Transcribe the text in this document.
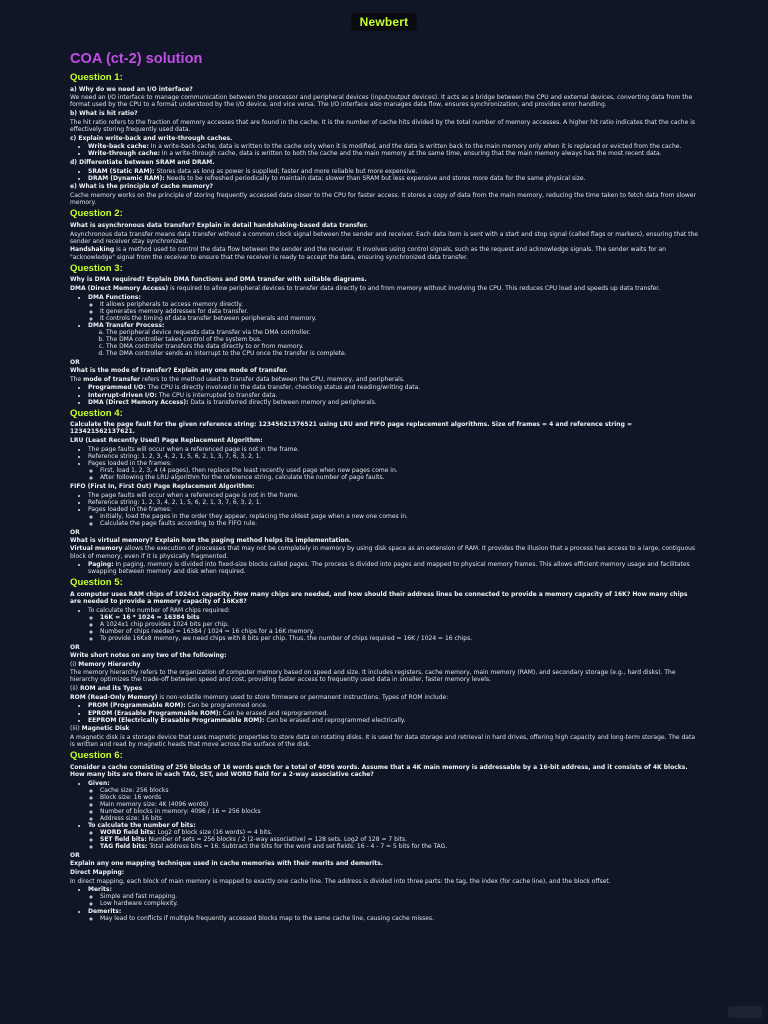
Newbert
COA (ct-2) solution
Question 1:

a) Why do we need an I/O interface?

We need an I/O interface to manage communication between the processor and peripheral devices (input/output devices). It acts as a bridge between the CPU and external devices, converting data from the format used by the CPU to a format understood by the I/O device, and vice versa. The I/O interface also manages data flow, ensures synchronization, and provides error handling.

b) What is hit ratio?

The hit ratio refers to the fraction of memory accesses that are found in the cache. It is the number of cache hits divided by the total number of memory accesses. A higher hit ratio indicates that the cache is effectively storing frequently used data.

c) Explain write-back and write-through caches.

• Write-back cache: In a write-back cache, data is written to the cache only when it is modified, and the data is written back to the main memory only when it is replaced or evicted from the cache.
• Write-through cache: In a write-through cache, data is written to both the cache and the main memory at the same time, ensuring that the main memory always has the most recent data.

d) Differentiate between SRAM and DRAM.

• SRAM (Static RAM): Stores data as long as power is supplied; faster and more reliable but more expensive.
• DRAM (Dynamic RAM): Needs to be refreshed periodically to maintain data; slower than SRAM but less expensive and stores more data for the same physical size.

e) What is the principle of cache memory?

Cache memory works on the principle of storing frequently accessed data closer to the CPU for faster access. It stores a copy of data from the main memory, reducing the time taken to fetch data from slower memory.

Question 2:

What is asynchronous data transfer? Explain in detail handshaking-based data transfer.

Asynchronous data transfer means data transfer without a common clock signal between the sender and receiver. Each data item is sent with a start and stop signal (called flags or markers), ensuring that the sender and receiver stay synchronized.

Handshaking is a method used to control the data flow between the sender and the receiver. It involves using control signals, such as the request and acknowledge signals. The sender waits for an "acknowledge" signal from the receiver to ensure that the receiver is ready to accept the data, ensuring synchronized data transfer.

Question 3:

Why is DMA required? Explain DMA functions and DMA transfer with suitable diagrams.

DMA (Direct Memory Access) is required to allow peripheral devices to transfer data directly to and from memory without involving the CPU. This reduces CPU load and speeds up data transfer.

• DMA Functions:
◦ It allows peripherals to access memory directly.
◦ It generates memory addresses for data transfer.
◦ It controls the timing of data transfer between peripherals and memory.
• DMA Transfer Process:
a. The peripheral device requests data transfer via the DMA controller.
b. The DMA controller takes control of the system bus.
c. The DMA controller transfers the data directly to or from memory.
d. The DMA controller sends an interrupt to the CPU once the transfer is complete.

OR

What is the mode of transfer? Explain any one mode of transfer.

The mode of transfer refers to the method used to transfer data between the CPU, memory, and peripherals.

• Programmed I/O: The CPU is directly involved in the data transfer, checking status and reading/writing data.
• Interrupt-driven I/O: The CPU is interrupted to transfer data.
• DMA (Direct Memory Access): Data is transferred directly between memory and peripherals.
Question 4:

Calculate the page fault for the given reference string: 123456213765​21 using LRU and FIFO page replacement algorithms. Size of frames = 4 and reference string = 123421562137621.

LRU (Least Recently Used) Page Replacement Algorithm:

• The page faults will occur when a referenced page is not in the frame.
• Reference string: 1, 2, 3, 4, 2, 1, 5, 6, 2, 1, 3, 7, 6, 3, 2, 1.
• Pages loaded in the frames:
◦ First, load 1, 2, 3, 4 (4 pages), then replace the least recently used page when new pages come in.
◦ After following the LRU algorithm for the reference string, calculate the number of page faults.

FIFO (First In, First Out) Page Replacement Algorithm:

• The page faults will occur when a referenced page is not in the frame.
• Reference string: 1, 2, 3, 4, 2, 1, 5, 6, 2, 1, 3, 7, 6, 3, 2, 1.
• Pages loaded in the frames:
◦ Initially, load the pages in the order they appear, replacing the oldest page when a new one comes in.
◦ Calculate the page faults according to the FIFO rule.

OR

What is virtual memory? Explain how the paging method helps its implementation.

Virtual memory allows the execution of processes that may not be completely in memory by using disk space as an extension of RAM. It provides the illusion that a process has access to a large, contiguous block of memory, even if it is physically fragmented.

• Paging: In paging, memory is divided into fixed-size blocks called pages. The process is divided into pages and mapped to physical memory frames. This allows efficient memory usage and facilitates swapping between memory and disk when required.
Question 5:

A computer uses RAM chips of 1024x1 capacity. How many chips are needed, and how should their address lines be connected to provide a memory capacity of 16K? How many chips are needed to provide a memory capacity of 16Kx8?

• To calculate the number of RAM chips required:
◦ 16K = 16 * 1024 = 16384 bits
◦ A 1024x1 chip provides 1024 bits per chip.
◦ Number of chips needed = 16384 / 1024 = 16 chips for a 16K memory.
◦ To provide 16Kx8 memory, we need chips with 8 bits per chip. Thus, the number of chips required = 16K / 1024 = 16 chips.

OR

Write short notes on any two of the following:

(i) Memory Hierarchy

The memory hierarchy refers to the organization of computer memory based on speed and size. It includes registers, cache memory, main memory (RAM), and secondary storage (e.g., hard disks). The hierarchy optimizes the trade-off between speed and cost, providing faster access to frequently used data in smaller, faster memory levels.

(ii) ROM and its Types

ROM (Read-Only Memory) is non-volatile memory used to store firmware or permanent instructions. Types of ROM include:

• PROM (Programmable ROM): Can be programmed once.
• EPROM (Erasable Programmable ROM): Can be erased and reprogrammed.
• EEPROM (Electrically Erasable Programmable ROM): Can be erased and reprogrammed electrically.

(iii) Magnetic Disk

A magnetic disk is a storage device that uses magnetic properties to store data on rotating disks. It is used for data storage and retrieval in hard drives, offering high capacity and long-term storage. The data is written and read by magnetic heads that move across the surface of the disk.

Question 6:

Consider a cache consisting of 256 blocks of 16 words each for a total of 4096 words. Assume that a 4K main memory is addressable by a 16-bit address, and it consists of 4K blocks. How many bits are there in each TAG, SET, and WORD field for a 2-way associative cache?

• Given:
◦ Cache size: 256 blocks
◦ Block size: 16 words
◦ Main memory size: 4K (4096 words)
◦ Number of blocks in memory: 4096 / 16 = 256 blocks
◦ Address size: 16 bits
• To calculate the number of bits:
◦ WORD field bits: Log2 of block size (16 words) = 4 bits.
◦ SET field bits: Number of sets = 256 blocks / 2 (2-way associative) = 128 sets. Log2 of 128 = 7 bits.
◦ TAG field bits: Total address bits = 16. Subtract the bits for the word and set fields: 16 - 4 - 7 = 5 bits for the TAG.

OR

Explain any one mapping technique used in cache memories with their merits and demerits.

Direct Mapping:

In direct mapping, each block of main memory is mapped to exactly one cache line. The address is divided into three parts: the tag, the index (for cache line), and the block offset.

• Merits:
◦ Simple and fast mapping.
◦ Low hardware complexity.
• Demerits:
◦ May lead to conflicts if multiple frequently accessed blocks map to the same cache line, causing cache misses.
